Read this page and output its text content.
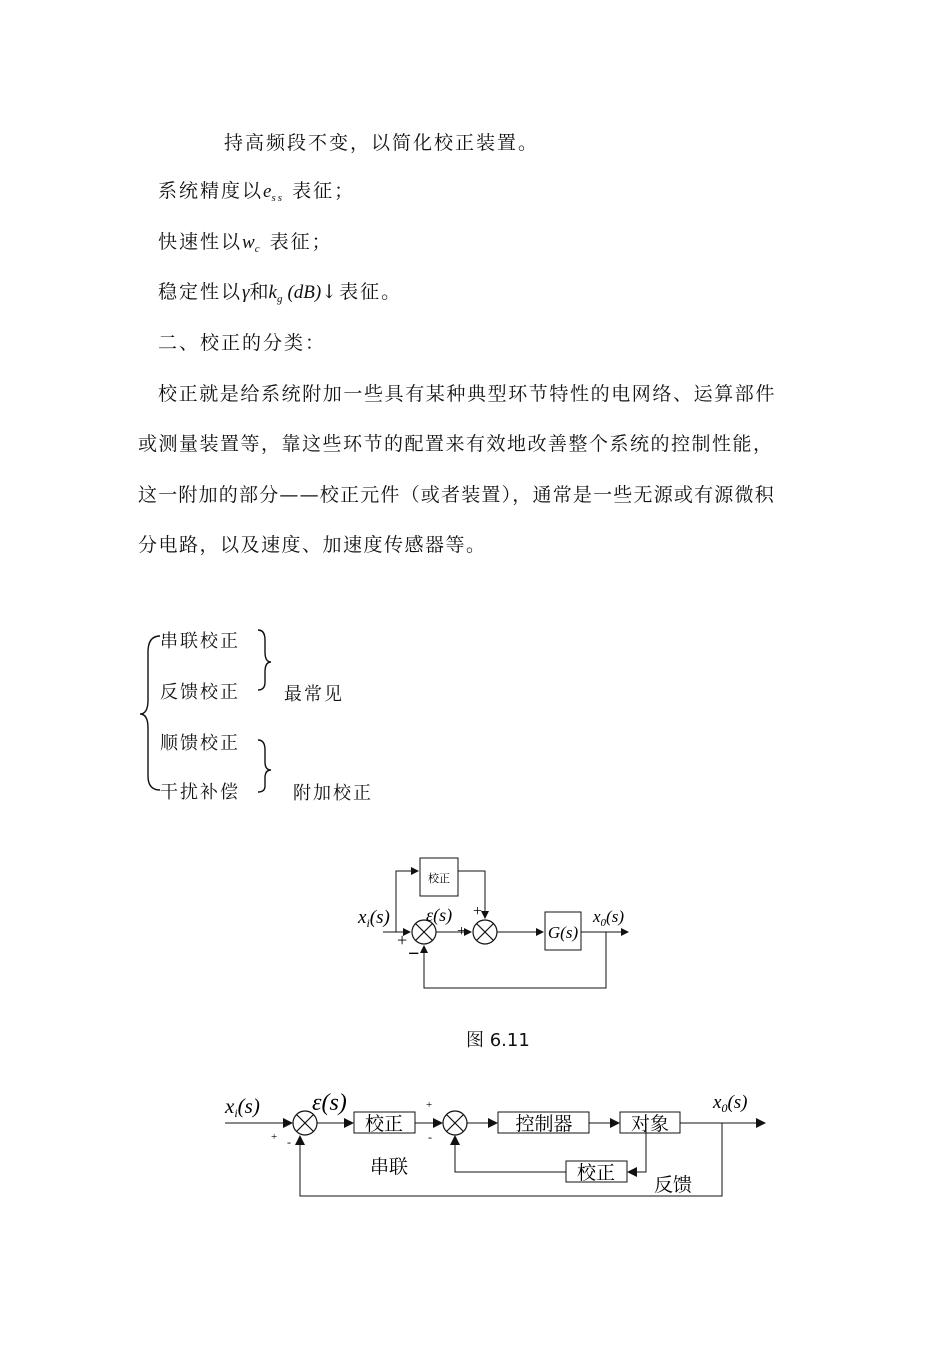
持高频段不变，以简化校正装置。
系统精度以$e_{ss}$ 表征；
快速性以$w_c$ 表征；
稳定性以γ和$k_g$ (dB)↓表征。
二、校正的分类：
校正就是给系统附加一些具有某种典型环节特性的电网络、运算部件
或测量装置等，靠这些环节的配置来有效地改善整个系统的控制性能，
这一附加的部分——校正元件（或者装置），通常是一些无源或有源微积
分电路，以及速度、加速度传感器等。
串联校正
反馈校正
顺馈校正
干扰补偿
最常见
附加校正
校正
G(s)
$x_i(s)$ ε(s)	$x_0(s)$
+
−
+
+
图 6.11
校正	控制器	对象
校正
xi(s) ε(s)	$x_0(s)$
+ -
+
-
串联
反馈
